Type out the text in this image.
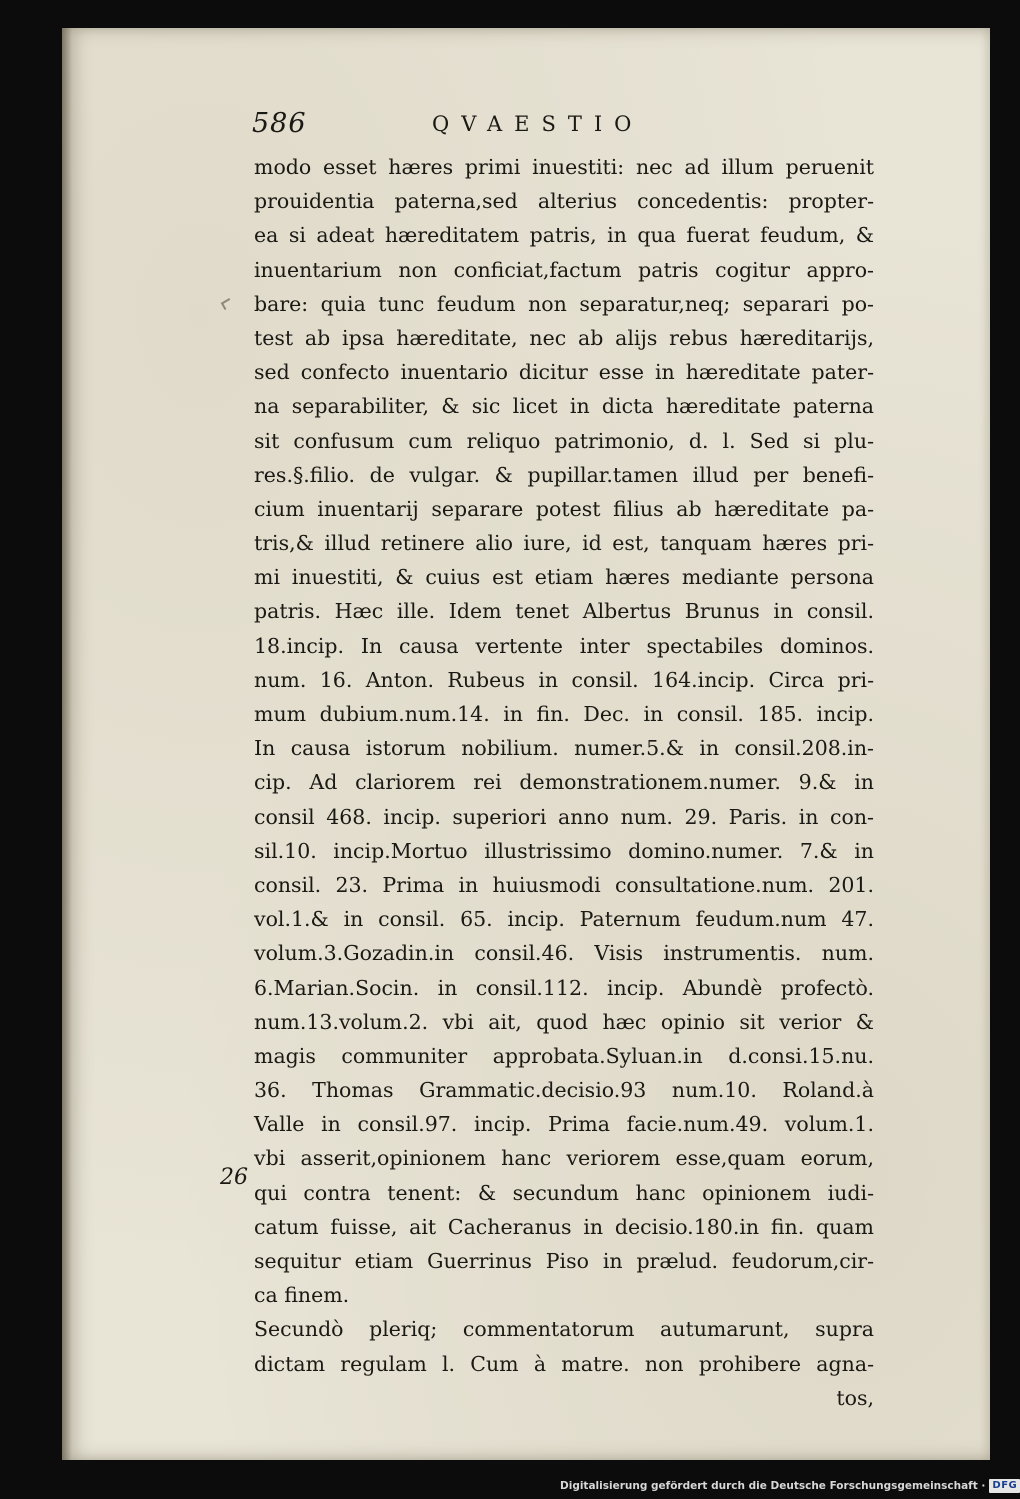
586	QVAESTIO
modo esset hæres primi inuestiti: nec ad illum peruenit
prouidentia paterna,sed alterius concedentis: propter-
ea si adeat hæreditatem patris, in qua fuerat feudum, &
inuentarium non conficiat,factum patris cogitur appro-
bare: quia tunc feudum non separatur,neq; separari po-
test ab ipsa hæreditate, nec ab alijs rebus hæreditarijs,
sed confecto inuentario dicitur esse in hæreditate pater-
na separabiliter, & sic licet in dicta hæreditate paterna
sit confusum cum reliquo patrimonio, d. l. Sed si plu-
res.§.filio. de vulgar. & pupillar.tamen illud per benefi-
cium inuentarij separare potest filius ab hæreditate pa-
tris,& illud retinere alio iure, id est, tanquam hæres pri-
mi inuestiti, & cuius est etiam hæres mediante persona
patris. Hæc ille. Idem tenet Albertus Brunus in consil.
18.incip. In causa vertente inter spectabiles dominos.
num. 16. Anton. Rubeus in consil. 164.incip. Circa pri-
mum dubium.num.14. in fin. Dec. in consil. 185. incip.
In causa istorum nobilium. numer.5.& in consil.208.in-
cip. Ad clariorem rei demonstrationem.numer. 9.& in
consil 468. incip. superiori anno num. 29. Paris. in con-
sil.10. incip.Mortuo illustrissimo domino.numer. 7.& in
consil. 23. Prima in huiusmodi consultatione.num. 201.
vol.1.& in consil. 65. incip. Paternum feudum.num 47.
volum.3.Gozadin.in consil.46. Visis instrumentis. num.
6.Marian.Socin. in consil.112. incip. Abundè profectò.
num.13.volum.2. vbi ait, quod hæc opinio sit verior &
magis communiter approbata.Syluan.in d.consi.15.nu.
36. Thomas Grammatic.decisio.93 num.10. Roland.à
Valle in consil.97. incip. Prima facie.num.49. volum.1.
vbi asserit,opinionem hanc veriorem esse,quam eorum,
qui contra tenent: & secundum hanc opinionem iudi-
catum fuisse, ait Cacheranus in decisio.180.in fin. quam
sequitur etiam Guerrinus Piso in prælud. feudorum,cir-
ca finem.
Secundò pleriq; commentatorum autumarunt, supra
dictam regulam l. Cum à matre. non prohibere agna-
tos,
26
Digitalisierung gefördert durch die Deutsche Forschungsgemeinschaft · DFG
